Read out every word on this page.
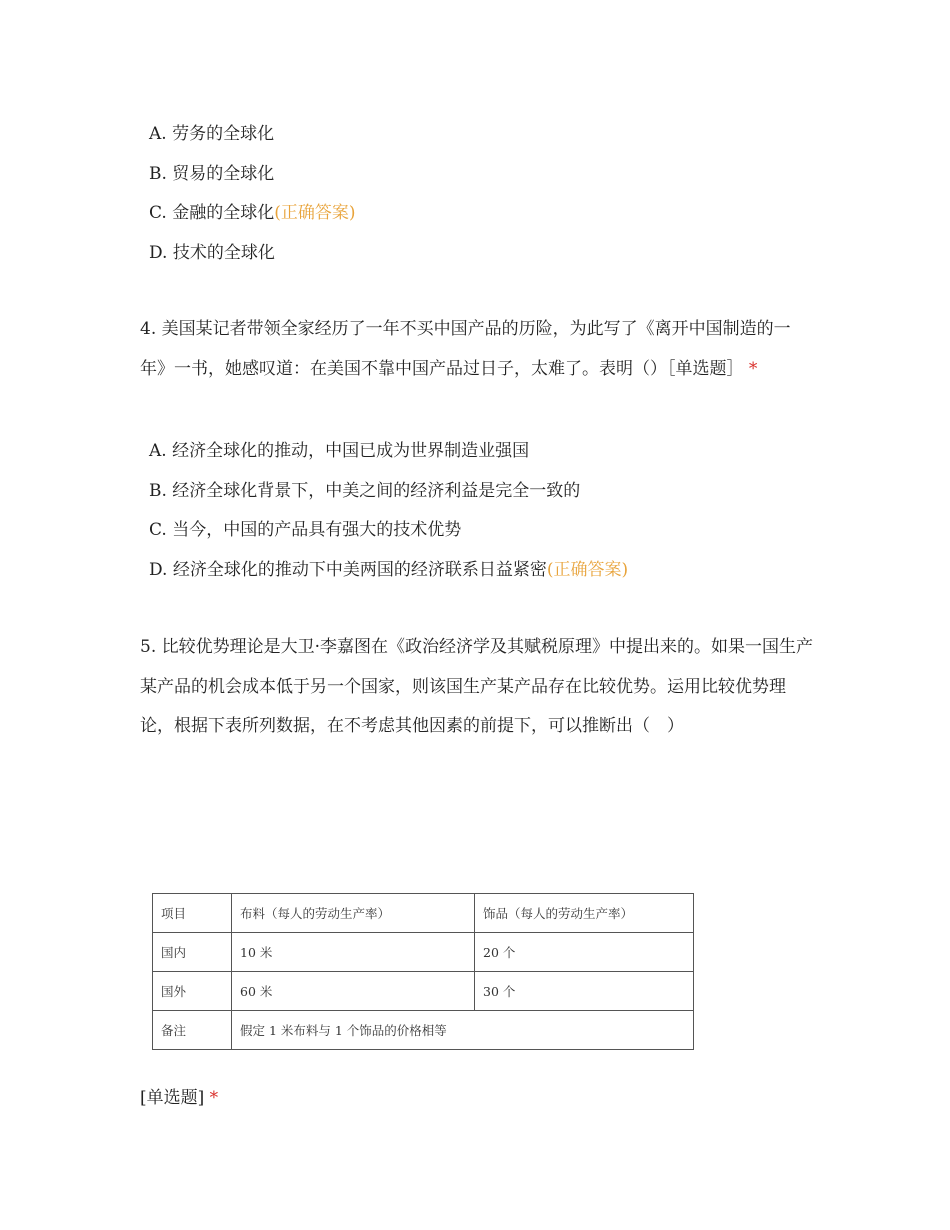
A. 劳务的全球化
B. 贸易的全球化
C. 金融的全球化(正确答案)
D. 技术的全球化
4. 美国某记者带领全家经历了一年不买中国产品的历险，为此写了《离开中国制造的一年》一书，她感叹道：在美国不靠中国产品过日子，太难了。表明（）［单选题］ *
A. 经济全球化的推动，中国已成为世界制造业强国
B. 经济全球化背景下，中美之间的经济利益是完全一致的
C. 当今，中国的产品具有强大的技术优势
D. 经济全球化的推动下中美两国的经济联系日益紧密(正确答案)
5. 比较优势理论是大卫·李嘉图在《政治经济学及其赋税原理》中提出来的。如果一国生产某产品的机会成本低于另一个国家，则该国生产某产品存在比较优势。运用比较优势理论，根据下表所列数据，在不考虑其他因素的前提下，可以推断出（　）
项目	布料（每人的劳动生产率）	饰品（每人的劳动生产率）
国内	10 米	20 个
国外	60 米	30 个
备注	假定 1 米布料与 1 个饰品的价格相等	
[单选题] *
